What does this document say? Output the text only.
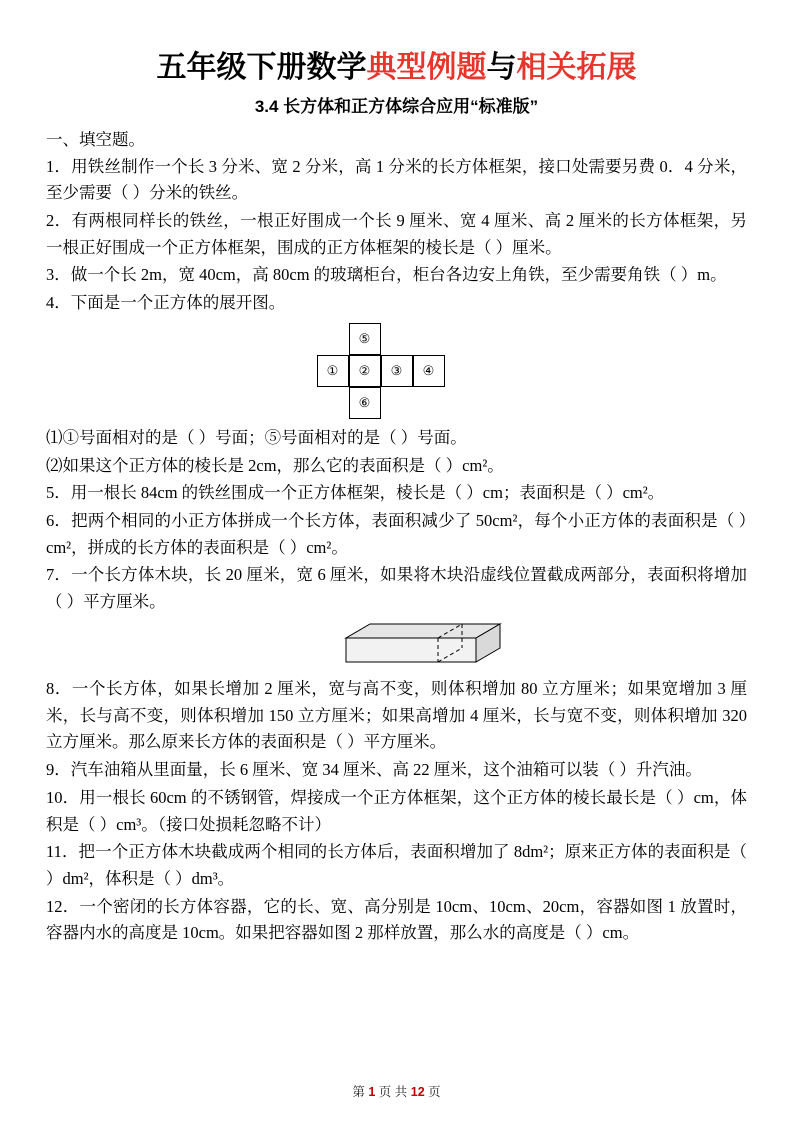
五年级下册数学典型例题与相关拓展
3.4 长方体和正方体综合应用“标准版”
一、填空题。

1．用铁丝制作一个长 3 分米、宽 2 分米，高 1 分米的长方体框架，接口处需要另费 0．4 分米，至少需要（ ）分米的铁丝。

2．有两根同样长的铁丝，一根正好围成一个长 9 厘米、宽 4 厘米、高 2 厘米的长方体框架，另一根正好围成一个正方体框架，围成的正方体框架的棱长是（ ）厘米。

3．做一个长 2m，宽 40cm，高 80cm 的玻璃柜台，柜台各边安上角铁，至少需要角铁（ ）m。

4．下面是一个正方体的展开图。

⑤
①	②	③	④
⑥

⑴①号面相对的是（ ）号面；⑤号面相对的是（ ）号面。

⑵如果这个正方体的棱长是 2cm，那么它的表面积是（ ）cm²。

5．用一根长 84cm 的铁丝围成一个正方体框架，棱长是（ ）cm；表面积是（ ）cm²。

6．把两个相同的小正方体拼成一个长方体，表面积减少了 50cm²，每个小正方体的表面积是（ ）cm²，拼成的长方体的表面积是（ ）cm²。

7．一个长方体木块，长 20 厘米，宽 6 厘米，如果将木块沿虚线位置截成两部分，表面积将增加（ ）平方厘米。

8．一个长方体，如果长增加 2 厘米，宽与高不变，则体积增加 80 立方厘米；如果宽增加 3 厘米，长与高不变，则体积增加 150 立方厘米；如果高增加 4 厘米，长与宽不变，则体积增加 320 立方厘米。那么原来长方体的表面积是（ ）平方厘米。

9．汽车油箱从里面量，长 6 厘米、宽 34 厘米、高 22 厘米，这个油箱可以装（ ）升汽油。

10．用一根长 60cm 的不锈钢管，焊接成一个正方体框架，这个正方体的棱长最长是（ ）cm，体积是（ ）cm³。（接口处损耗忽略不计）

11．把一个正方体木块截成两个相同的长方体后，表面积增加了 8dm²；原来正方体的表面积是（ ）dm²，体积是（ ）dm³。

12．一个密闭的长方体容器，它的长、宽、高分别是 10cm、10cm、20cm，容器如图 1 放置时，容器内水的高度是 10cm。如果把容器如图 2 那样放置，那么水的高度是（ ）cm。

第 1 页 共 12 页
